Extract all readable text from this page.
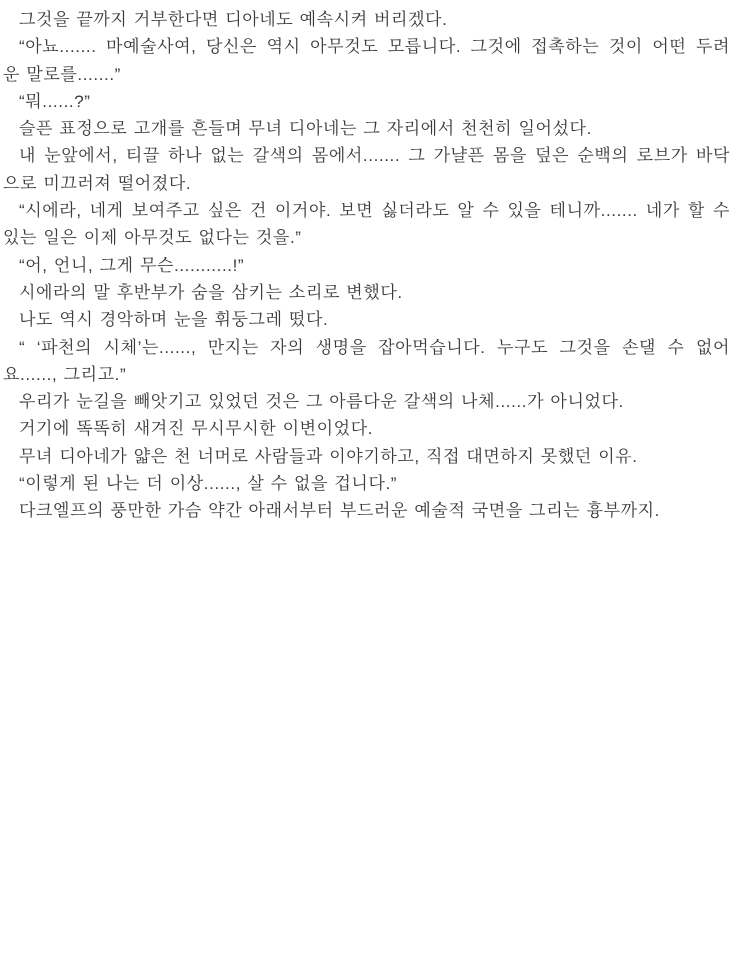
그것을 끝까지 거부한다면 디아네도 예속시켜 버리겠다.
“아뇨....... 마예술사여, 당신은 역시 아무것도 모릅니다. 그것에 접촉하는 것이 어떤 두려
운 말로를.......”
“뭐......?”
슬픈 표정으로 고개를 흔들며 무녀 디아네는 그 자리에서 천천히 일어섰다.
내 눈앞에서, 티끌 하나 없는 갈색의 몸에서....... 그 가냘픈 몸을 덮은 순백의 로브가 바닥
으로 미끄러져 떨어졌다.
“시에라, 네게 보여주고 싶은 건 이거야. 보면 싫더라도 알 수 있을 테니까....... 네가 할 수
있는 일은 이제 아무것도 없다는 것을.”
“어, 언니, 그게 무슨...........!”
시에라의 말 후반부가 숨을 삼키는 소리로 변했다.
나도 역시 경악하며 눈을 휘둥그레 떴다.
“ ‘파천의 시체’는......, 만지는 자의 생명을 잡아먹습니다. 누구도 그것을 손댈 수 없어
요......, 그리고.”
우리가 눈길을 빼앗기고 있었던 것은 그 아름다운 갈색의 나체......가 아니었다.
거기에 똑똑히 새겨진 무시무시한 이변이었다.
무녀 디아네가 얇은 천 너머로 사람들과 이야기하고, 직접 대면하지 못했던 이유.
“이렇게 된 나는 더 이상......, 살 수 없을 겁니다.”
다크엘프의 풍만한 가슴 약간 아래서부터 부드러운 예술적 국면을 그리는 흉부까지.
